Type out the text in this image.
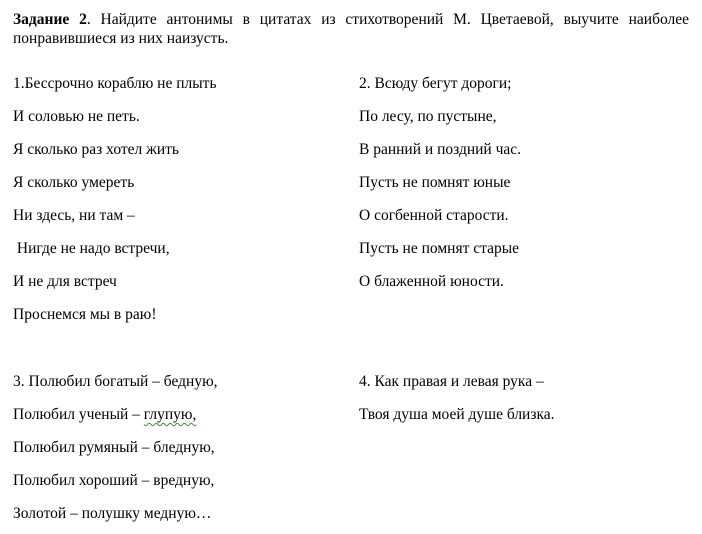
Задание 2. Найдите антонимы в цитатах из стихотворений М. Цветаевой, выучите наиболее понравившиеся из них наизусть.
1.Бессрочно кораблю не плыть
И соловью не петь.
Я сколько раз хотел жить
Я сколько умереть
Ни здесь, ни там –
Нигде не надо встречи,
И не для встреч
Проснемся мы в раю!
2. Всюду бегут дороги;
По лесу, по пустыне,
В ранний и поздний час.
Пусть не помнят юные
О согбенной старости.
Пусть не помнят старые
О блаженной юности.
3. Полюбил богатый – бедную,
Полюбил ученый – глупую,
Полюбил румяный – бледную,
Полюбил хороший – вредную,
Золотой – полушку медную…
4. Как правая и левая рука –
Твоя душа моей душе близка.
